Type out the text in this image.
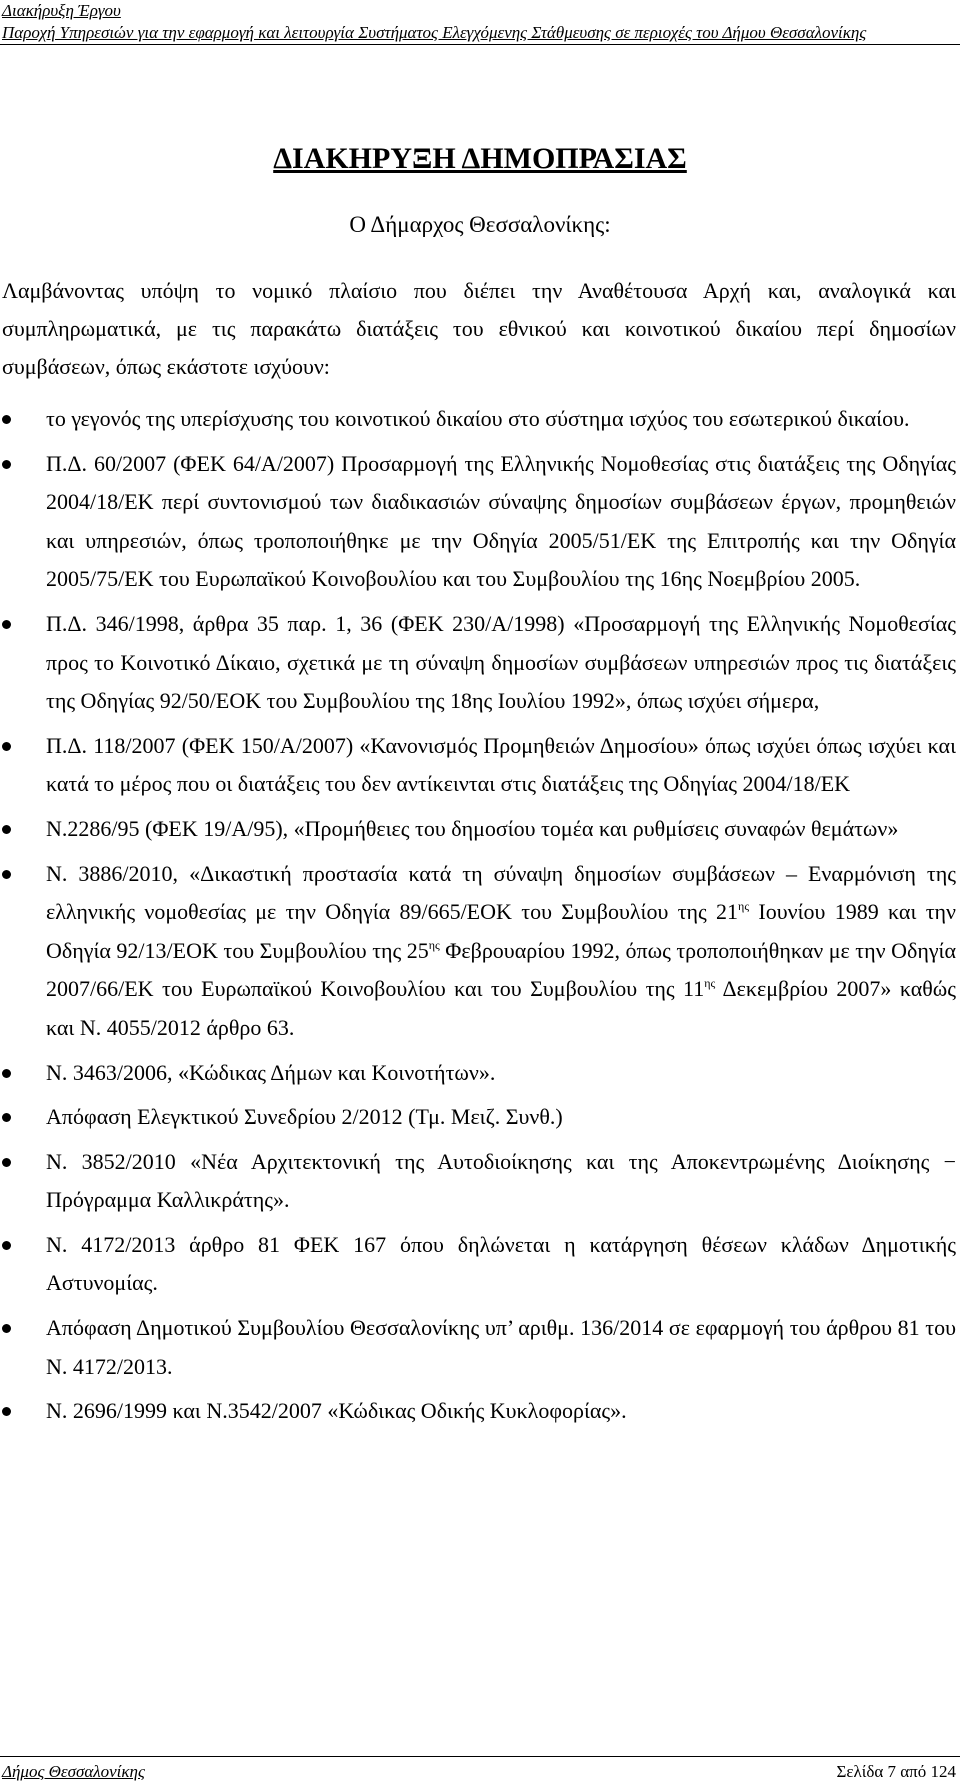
Διακήρυξη Έργου
Παροχή Υπηρεσιών για την εφαρμογή και λειτουργία Συστήματος Ελεγχόμενης Στάθμευσης σε περιοχές του Δήμου Θεσσαλονίκης
ΔΙΑΚΗΡΥΞΗ ΔΗΜΟΠΡΑΣΙΑΣ
Ο Δήμαρχος Θεσσαλονίκης:

Λαμβάνοντας υπόψη το νομικό πλαίσιο που διέπει την Αναθέτουσα Αρχή και, αναλογικά και συμπληρωματικά, με τις παρακάτω διατάξεις του εθνικού και κοινοτικού δικαίου περί δημοσίων συμβάσεων, όπως εκάστοτε ισχύουν:

το γεγονός της υπερίσχυσης του κοινοτικού δικαίου στο σύστημα ισχύος του εσωτερικού δικαίου.
Π.Δ. 60/2007 (ΦΕΚ 64/Α/2007) Προσαρμογή της Ελληνικής Νομοθεσίας στις διατάξεις της Οδηγίας 2004/18/ΕΚ περί συντονισμού των διαδικασιών σύναψης δημοσίων συμβάσεων έργων, προμηθειών και υπηρεσιών, όπως τροποποιήθηκε με την Οδηγία 2005/51/ΕΚ της Επιτροπής και την Οδηγία 2005/75/ΕΚ του Ευρωπαϊκού Κοινοβουλίου και του Συμβουλίου της 16ης Νοεμβρίου 2005.
Π.Δ. 346/1998, άρθρα 35 παρ. 1, 36 (ΦΕΚ 230/Α/1998) «Προσαρμογή της Ελληνικής Νομοθεσίας προς το Κοινοτικό Δίκαιο, σχετικά με τη σύναψη δημοσίων συμβάσεων υπηρεσιών προς τις διατάξεις της Οδηγίας 92/50/ΕΟΚ του Συμβουλίου της 18ης Ιουλίου 1992», όπως ισχύει σήμερα,
Π.Δ. 118/2007 (ΦΕΚ 150/Α/2007) «Κανονισμός Προμηθειών Δημοσίου» όπως ισχύει όπως ισχύει και κατά το μέρος που οι διατάξεις του δεν αντίκεινται στις διατάξεις της Οδηγίας 2004/18/ΕΚ
Ν.2286/95 (ΦΕΚ 19/Α/95), «Προμήθειες του δημοσίου τομέα και ρυθμίσεις συναφών θεμάτων»
Ν. 3886/2010, «Δικαστική προστασία κατά τη σύναψη δημοσίων συμβάσεων – Εναρμόνιση της ελληνικής νομοθεσίας με την Οδηγία 89/665/ΕΟΚ του Συμβουλίου της $21^{\eta\varsigma}$ Ιουνίου 1989 και την Οδηγία 92/13/ΕΟΚ του Συμβουλίου της $25^{\eta\varsigma}$ Φεβρουαρίου 1992, όπως τροποποιήθηκαν με την Οδηγία 2007/66/ΕΚ του Ευρωπαϊκού Κοινοβουλίου και του Συμβουλίου της $11^{\eta\varsigma}$ Δεκεμβρίου 2007» καθώς και Ν. 4055/2012 άρθρο 63.
Ν. 3463/2006, «Κώδικας Δήμων και Κοινοτήτων».
Απόφαση Ελεγκτικού Συνεδρίου 2/2012 (Τμ. Μειζ. Συνθ.)
Ν. 3852/2010 «Νέα Αρχιτεκτονική της Αυτοδιοίκησης και της Αποκεντρωμένης Διοίκησης − Πρόγραμμα Καλλικράτης».
Ν. 4172/2013 άρθρο 81 ΦΕΚ 167 όπου δηλώνεται η κατάργηση θέσεων κλάδων Δημοτικής Αστυνομίας.
Απόφαση Δημοτικού Συμβουλίου Θεσσαλονίκης υπ’ αριθμ. 136/2014 σε εφαρμογή του άρθρου 81 του Ν. 4172/2013.
Ν. 2696/1999 και Ν.3542/2007 «Κώδικας Οδικής Κυκλοφορίας».
Δήμος Θεσσαλονίκης	Σελίδα 7 από 124
